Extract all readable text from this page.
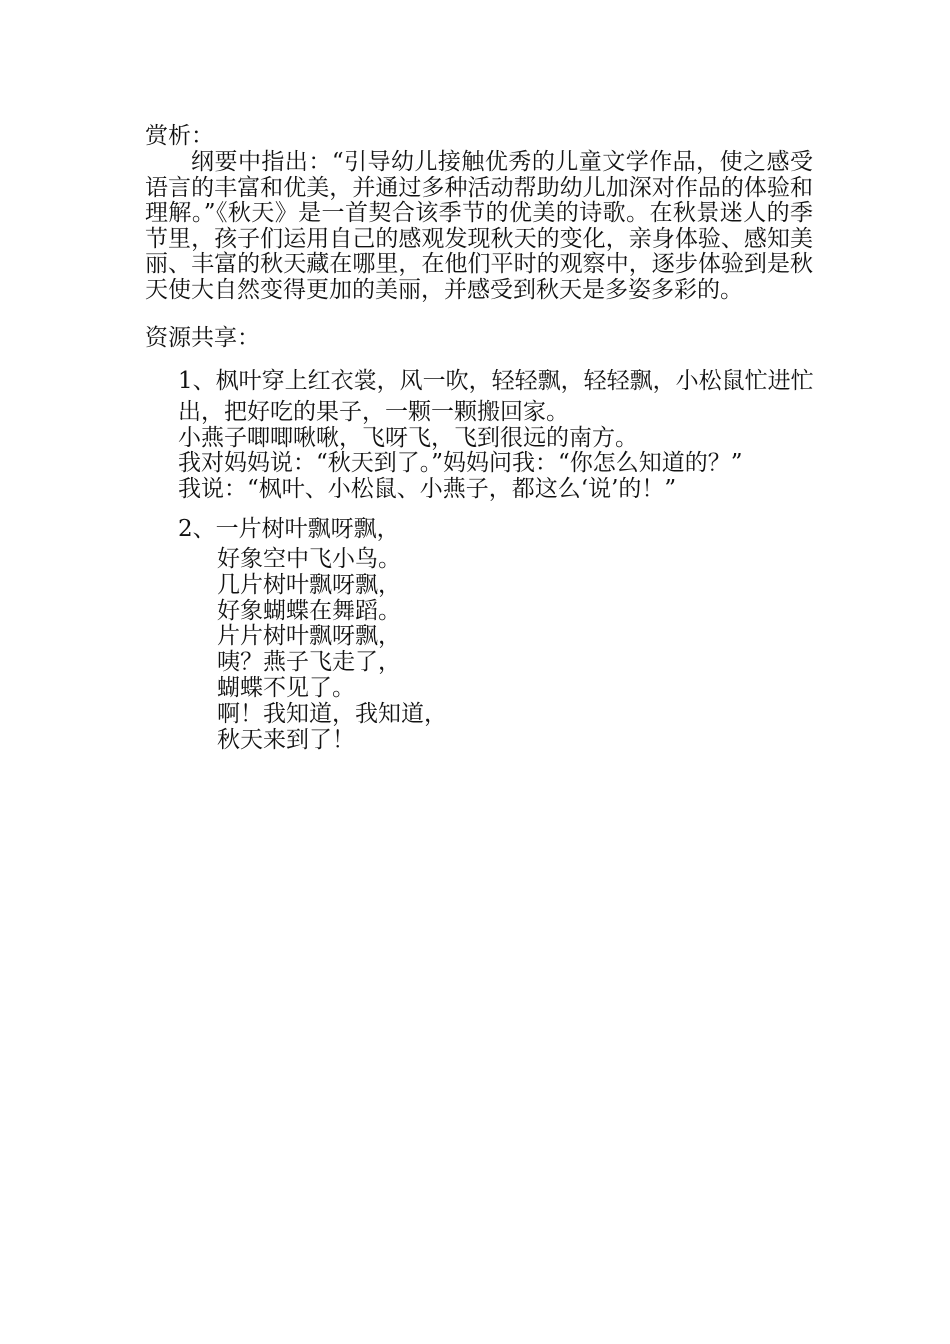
赏析：

纲要中指出：“引导幼儿接触优秀的儿童文学作品，使之感受语言的丰富和优美，并通过多种活动帮助幼儿加深对作品的体验和理解。”《秋天》是一首契合该季节的优美的诗歌。在秋景迷人的季节里，孩子们运用自己的感观发现秋天的变化，亲身体验、感知美丽、丰富的秋天藏在哪里，在他们平时的观察中，逐步体验到是秋天使大自然变得更加的美丽，并感受到秋天是多姿多彩的。

资源共享：

1、枫叶穿上红衣裳，风一吹，轻轻飘，轻轻飘，小松鼠忙进忙
出，把好吃的果子，一颗一颗搬回家。
小燕子唧唧啾啾，飞呀飞，飞到很远的南方。
我对妈妈说：“秋天到了。”妈妈问我：“你怎么知道的？”
我说：“枫叶、小松鼠、小燕子，都这么‘说’的！”
2、一片树叶飘呀飘，
好象空中飞小鸟。
几片树叶飘呀飘，
好象蝴蝶在舞蹈。
片片树叶飘呀飘，
咦？燕子飞走了，
蝴蝶不见了。
啊！我知道，我知道，
秋天来到了！
